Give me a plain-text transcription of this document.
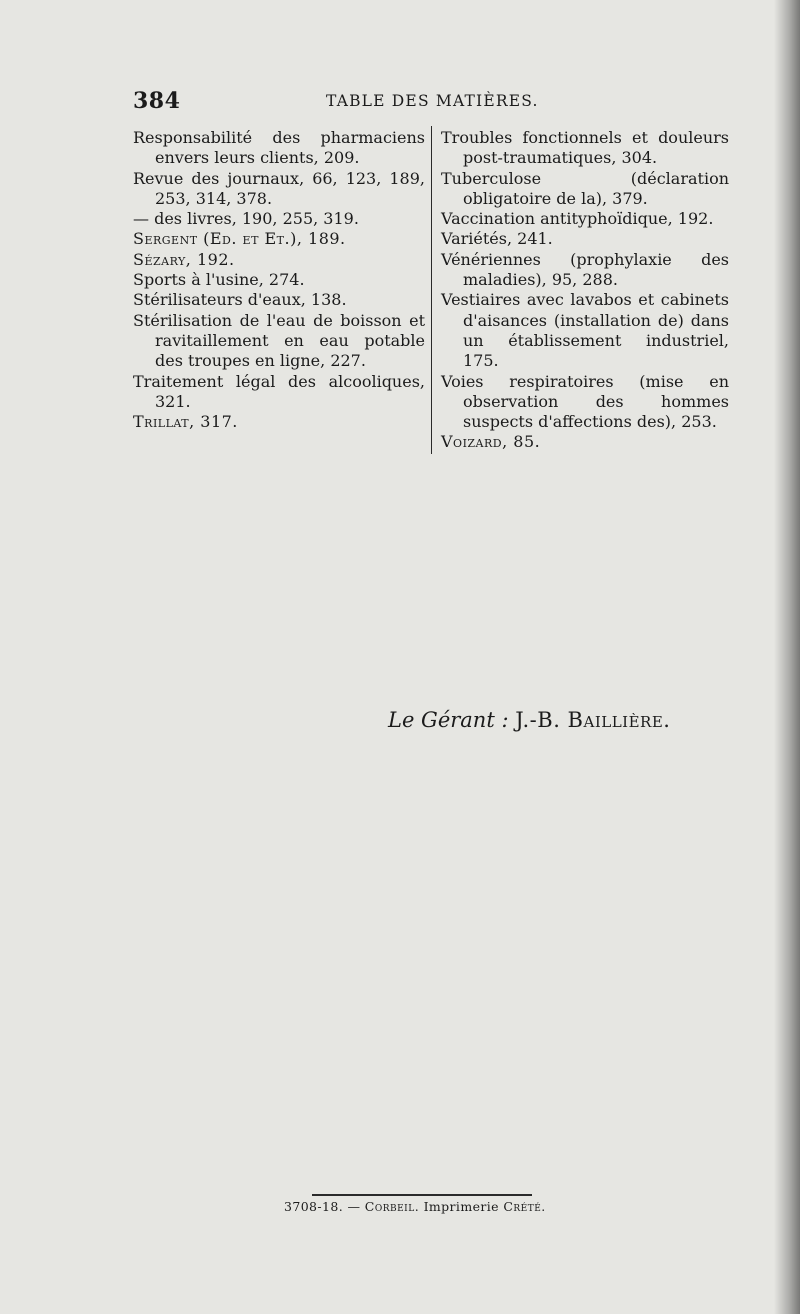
384	TABLE DES MATIÈRES.
Responsabilité des pharmaciens envers leurs clients, 209.
Revue des journaux, 66, 123, 189, 253, 314, 378.
— des livres, 190, 255, 319.
Sergent (Ed. et Et.), 189.
Sézary, 192.
Sports à l'usine, 274.
Stérilisateurs d'eaux, 138.
Stérilisation de l'eau de boisson et ravitaillement en eau potable des troupes en ligne, 227.
Traitement légal des alcooliques, 321.
Trillat, 317.
Troubles fonctionnels et douleurs post-traumatiques, 304.
Tuberculose (déclaration obligatoire de la), 379.
Vaccination antityphoïdique, 192.
Variétés, 241.
Vénériennes (prophylaxie des maladies), 95, 288.
Vestiaires avec lavabos et cabinets d'aisances (installation de) dans un établissement industriel, 175.
Voies respiratoires (mise en observation des hommes suspects d'affections des), 253.
Voizard, 85.
Le Gérant : J.-B. Baillière.
3708-18. — Corbeil. Imprimerie Crété.
